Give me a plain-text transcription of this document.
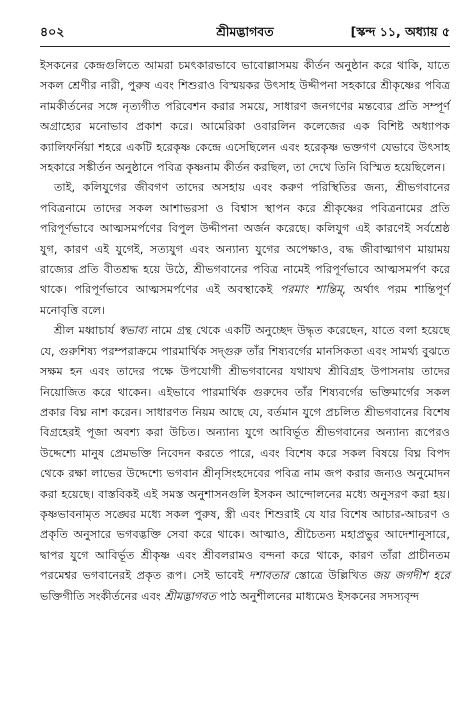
৪০২	শ্রীমদ্ভাগবত	[স্কন্দ ১১, অধ্যায় ৫

ইসকনের কেন্দ্রগুলিতে আমরা চমৎকারভাবে ভাবোল্লাসময় কীর্তন অনুষ্ঠান করে থাকি, যাতে সকল শ্রেণীর নারী, পুরুষ এবং শিশুরাও বিস্ময়কর উৎসাহ উদ্দীপনা সহকারে শ্রীকৃষ্ণের পবিত্র নামকীর্তনের সঙ্গে নৃত্যগীত পরিবেশন করার সময়ে, সাধারণ জনগণের মন্তব্যের প্রতি সম্পূর্ণ অগ্রাহ্যের মনোভাব প্রকাশ করে। আমেরিকা ওবারলিন কলেজের এক বিশিষ্ট অধ্যাপক ক্যালিফর্নিয়া শহরে একটি হরেকৃষ্ণ কেন্দ্রে এসেছিলেন এবং হরেকৃষ্ণ ভক্তগণ যেভাবে উৎসাহ সহকারে সঙ্কীর্তন অনুষ্ঠানে পবিত্র কৃষ্ণনাম কীর্তন করছিল, তা দেখে তিনি বিস্মিত হয়েছিলেন।

তাই, কলিযুগের জীবগণ তাদের অসহায় এবং করুণ পরিস্থিতির জন্য, শ্রীভগবানের পবিত্রনামে তাদের সকল আশাভরসা ও বিশ্বাস স্থাপন করে শ্রীকৃষ্ণের পবিত্রনামের প্রতি পরিপূর্ণভাবে আত্মসমর্পণের বিপুল উদ্দীপনা অর্জন করেছে। কলিযুগ এই কারণেই সর্বশ্রেষ্ঠ যুগ, কারণ এই যুগেই, সত্যযুগ এবং অন্যান্য যুগের অপেক্ষাও, বদ্ধ জীবাত্মাগণ মায়াময় রাজ্যের প্রতি বীতশ্রদ্ধ হয়ে উঠে, শ্রীভগবানের পবিত্র নামেই পরিপূর্ণভাবে আত্মসমর্পণ করে থাকে। পরিপূর্ণভাবে আত্মসমর্পণের এই অবস্থাকেই পরমাং শান্তিম্, অর্থাৎ পরম শান্তিপূর্ণ মনোবৃত্তি বলে।

শ্রীল মধ্বাচার্য স্বভাব্য নামে গ্রন্থ থেকে একটি অনুচ্ছেদ উদ্ধৃত করেছেন, যাতে বলা হয়েছে যে, গুরুশিষ্য পরম্পরাক্রমে পারমার্থিক সদ্গুরু তাঁর শিষ্যবর্গের মানসিকতা এবং সামর্থ্য বুঝতে সক্ষম হন এবং তাদের পক্ষে উপযোগী শ্রীভগবানের যথাযথ শ্রীবিগ্রহ উপাসনায় তাদের নিয়োজিত করে থাকেন। এইভাবে পারমার্থিক গুরুদেব তাঁর শিষ্যবর্গের ভক্তিমার্গের সকল প্রকার বিঘ্ন নাশ করেন। সাধারণত নিয়ম আছে যে, বর্তমান যুগে প্রচলিত শ্রীভগবানের বিশেষ বিগ্রহেরই পূজা অবশ্য করা উচিত। অন্যান্য যুগে আবির্ভূত শ্রীভগবানের অন্যান্য রূপেরও উদ্দেশ্যে মানুষ প্রেমভক্তি নিবেদন করতে পারে, এবং বিশেষ করে সকল বিষয়ে বিঘ্ন বিপদ থেকে রক্ষা লাভের উদ্দেশ্যে ভগবান শ্রীনৃসিংহদেবের পবিত্র নাম জপ করার জন্যও অনুমোদন করা হয়েছে। বাস্তবিকই এই সমস্ত অনুশাসনগুলি ইসকন আন্দোলনের মধ্যে অনুসরণ করা হয়। কৃষ্ণভাবনামৃত সঙ্ঘের মধ্যে সকল পুরুষ, স্ত্রী এবং শিশুরাই যে যার বিশেষ আচার-আচরণ ও প্রকৃতি অনুসারে ভগবদ্ভক্তি সেবা করে থাকে। আত্মাও, শ্রীচৈতন্য মহাপ্রভুর আদেশানুসারে, দ্বাপর যুগে আবির্ভূত শ্রীকৃষ্ণ এবং শ্রীবলরামও বন্দনা করে থাকে, কারণ তাঁরা প্রাচীনতম পরমেশ্বর ভগবানেরই প্রকৃত রূপ। সেই ভাবেই দশাবতার স্তোত্রে উল্লিখিত জয় জগদীশ হরে ভক্তিগীতি সংকীর্তনের এবং শ্রীমদ্ভাগবত পাঠ অনুশীলনের মাধ্যমেও ইসকনের সদস্যবৃন্দ
